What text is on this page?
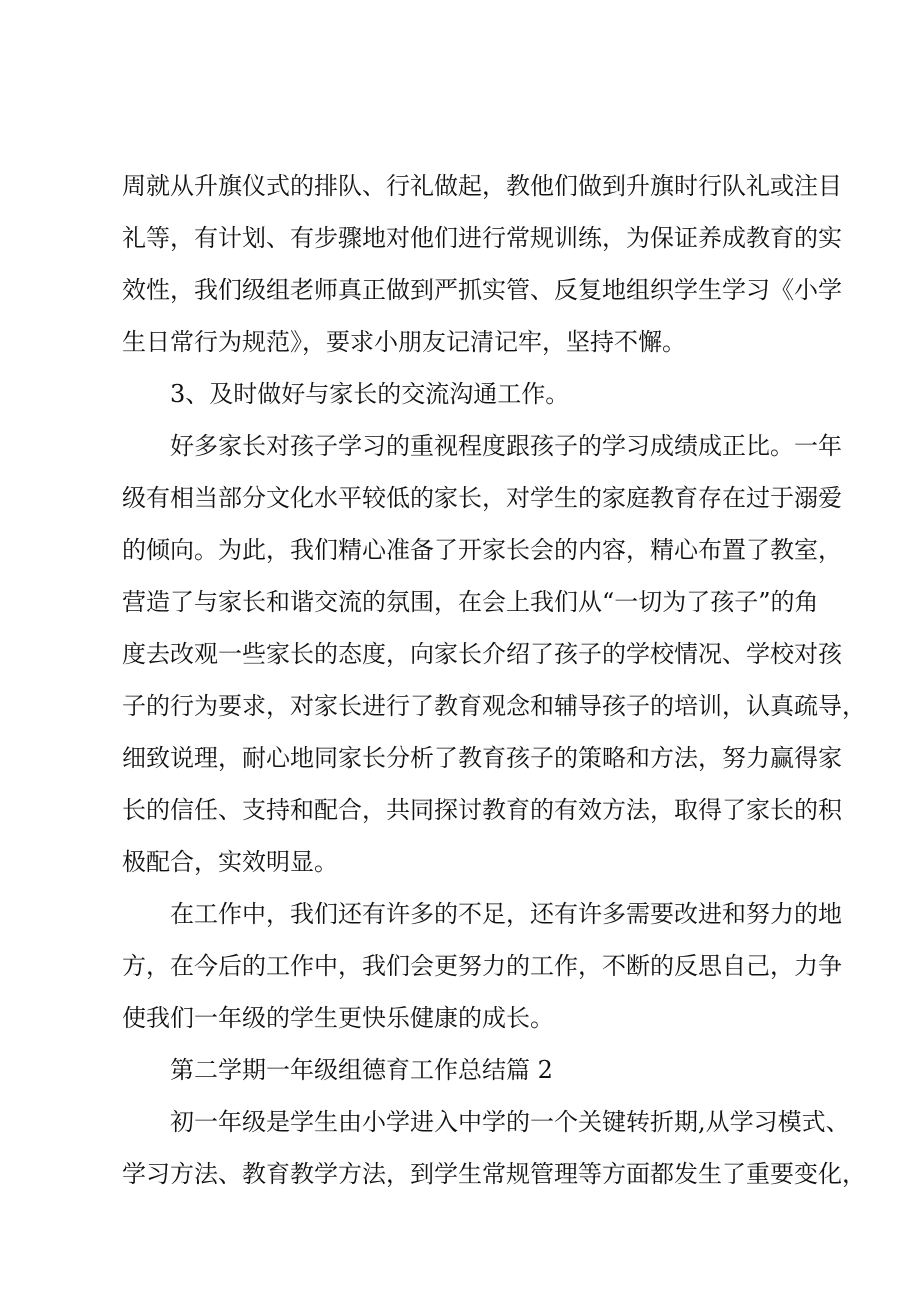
周就从升旗仪式的排队、行礼做起，教他们做到升旗时行队礼或注目

礼等，有计划、有步骤地对他们进行常规训练，为保证养成教育的实

效性，我们级组老师真正做到严抓实管、反复地组织学生学习《小学

生日常行为规范》，要求小朋友记清记牢，坚持不懈。

3、及时做好与家长的交流沟通工作。

好多家长对孩子学习的重视程度跟孩子的学习成绩成正比。一年

级有相当部分文化水平较低的家长，对学生的家庭教育存在过于溺爱

的倾向。为此，我们精心准备了开家长会的内容，精心布置了教室，

营造了与家长和谐交流的氛围，在会上我们从“一切为了孩子”的角

度去改观一些家长的态度，向家长介绍了孩子的学校情况、学校对孩

子的行为要求，对家长进行了教育观念和辅导孩子的培训，认真疏导，

细致说理，耐心地同家长分析了教育孩子的策略和方法，努力赢得家

长的信任、支持和配合，共同探讨教育的有效方法，取得了家长的积

极配合，实效明显。

在工作中，我们还有许多的不足，还有许多需要改进和努力的地

方，在今后的工作中，我们会更努力的工作，不断的反思自己，力争

使我们一年级的学生更快乐健康的成长。

第二学期一年级组德育工作总结篇 2

初一年级是学生由小学进入中学的一个关键转折期,从学习模式、

学习方法、教育教学方法，到学生常规管理等方面都发生了重要变化，
